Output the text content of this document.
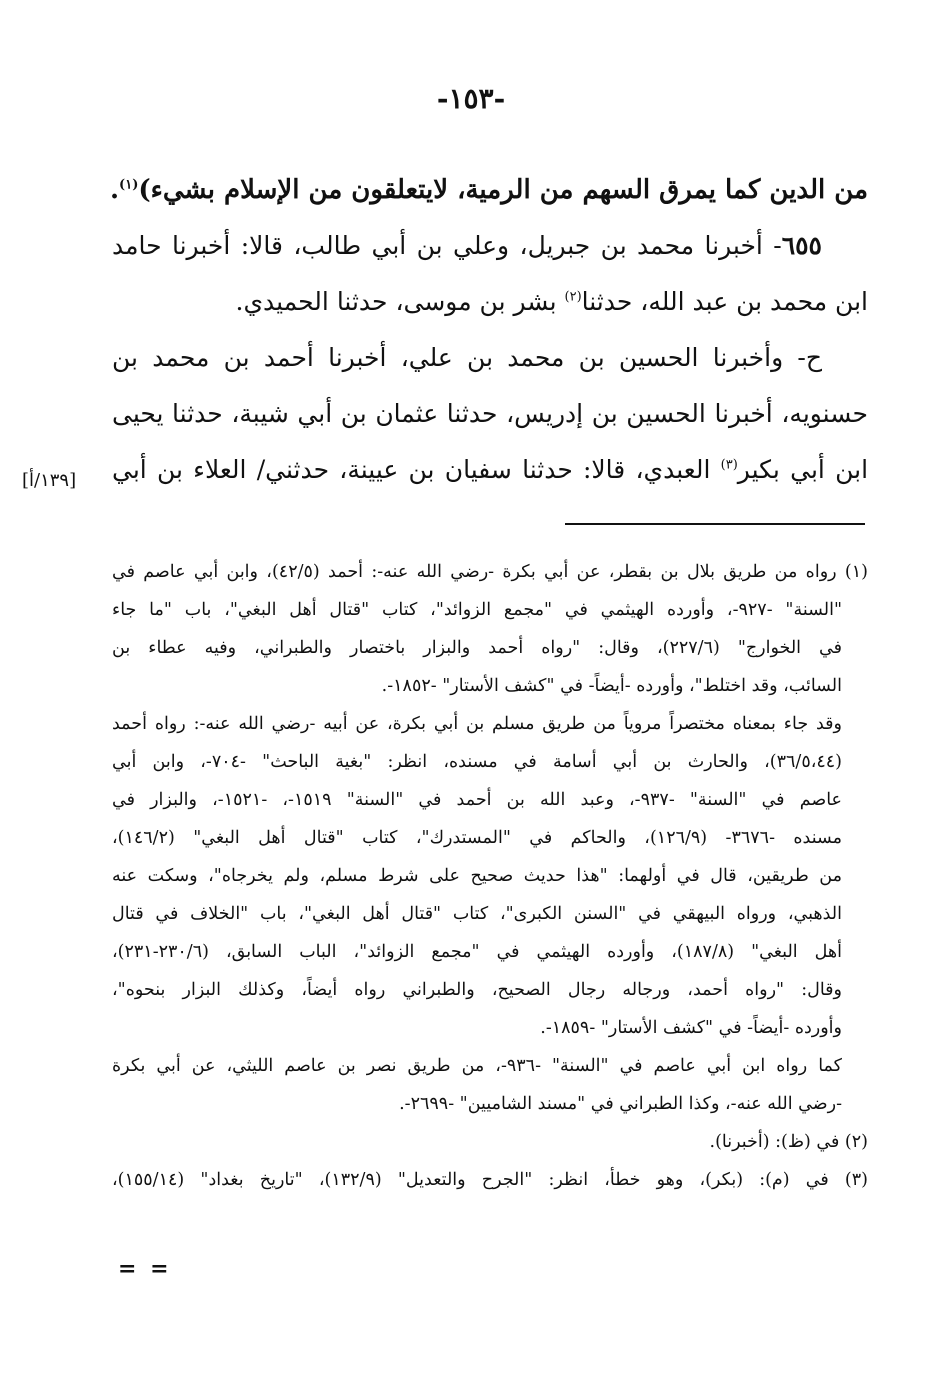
-١٥٣-
من الدين كما يمرق السهم من الرمية، لايتعلقون من الإسلام بشيء)$^{(١)}$.
٦٥٥- أخبرنا محمد بن جبريل، وعلي بن أبي طالب، قالا: أخبرنا حامد
ابن محمد بن عبد الله، حدثنا$^{(٢)}$ بشر بن موسى، حدثنا الحميدي.
ح- وأخبرنا الحسين بن محمد بن علي، أخبرنا أحمد بن محمد بن
حسنويه، أخبرنا الحسين بن إدريس، حدثنا عثمان بن أبي شيبة، حدثنا يحيى
ابن أبي بكير$^{(٣)}$ العبدي، قالا: حدثنا سفيان بن عيينة، حدثني/ العلاء بن أبي
[١٣٩/أ]
(١) رواه من طريق بلال بن بقطر، عن أبي بكرة -رضي الله عنه-: أحمد (٤٢/٥)، وابن أبي عاصم في
"السنة" -٩٢٧-، وأورده الهيثمي في "مجمع الزوائد"، كتاب "قتال أهل البغي"، باب "ما جاء
في الخوارج" (٢٢٧/٦)، وقال: "رواه أحمد والبزار باختصار والطبراني، وفيه عطاء بن
السائب، وقد اختلط"، وأورده -أيضاً- في "كشف الأستار" -١٨٥٢-.
وقد جاء بمعناه مختصراً مروياً من طريق مسلم بن أبي بكرة، عن أبيه -رضي الله عنه-: رواه أحمد
(٣٦/٥،٤٤)، والحارث بن أبي أسامة في مسنده، انظر: "بغية الباحث" -٧٠٤-، وابن أبي
عاصم في "السنة" -٩٣٧-، وعبد الله بن أحمد في "السنة" ١٥١٩-، -١٥٢١-، والبزار في
مسنده -٣٦٧٦- (١٢٦/٩)، والحاكم في "المستدرك"، كتاب "قتال أهل البغي" (١٤٦/٢)،
من طريقين، قال في أولهما: "هذا حديث صحيح على شرط مسلم، ولم يخرجاه"، وسكت عنه
الذهبي، ورواه البيهقي في "السنن الكبرى"، كتاب "قتال أهل البغي"، باب "الخلاف في قتال
أهل البغي" (١٨٧/٨)، وأورده الهيثمي في "مجمع الزوائد"، الباب السابق، (٢٣٠/٦-٢٣١)،
وقال: "رواه أحمد، ورجاله رجال الصحيح، والطبراني رواه أيضاً، وكذلك البزار بنحوه"،
وأورده -أيضاً- في "كشف الأستار" -١٨٥٩-.
كما رواه ابن أبي عاصم في "السنة" -٩٣٦-، من طريق نصر بن عاصم الليثي، عن أبي بكرة
-رضي الله عنه-، وكذا الطبراني في "مسند الشاميين" -٢٦٩٩-.
(٢) في (ظ): (أخبرنا).
(٣) في (م): (بكر)، وهو خطأ، انظر: "الجرح والتعديل" (١٣٢/٩)، "تاريخ بغداد" (١٥٥/١٤)،
= =
